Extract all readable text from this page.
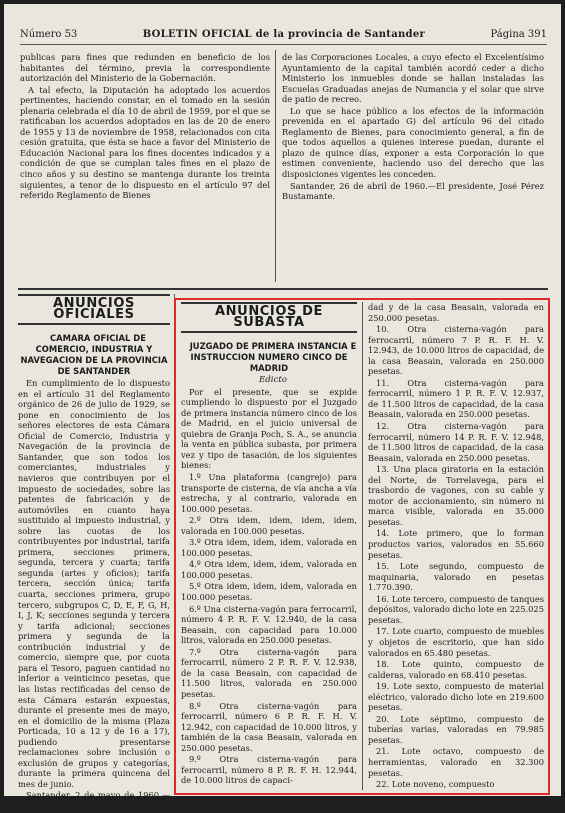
Número 53	BOLETIN OFICIAL de la provincia de Santander	Página 391

publicas para fines que redunden en beneficio de los habitantes del término, previa la correspondiente autorización del Ministerio de la Gobernación.

A tal efecto, la Diputación ha adoptado los acuerdos pertinentes, haciendo constar, en el tomado en la sesión plenaria celebrada el día 10 de abril de 1959, por el que se ratificaban los acuerdos adoptados en las de 20 de enero de 1955 y 13 de noviembre de 1958, relacionados con cita cesión gratuita, que ésta se hace a favor del Ministerio de Educación Nacional para los fines docentes indicados y a condición de que se cumplan tales fines en el plazo de cinco años y su destino se mantenga durante los treinta siguientes, a tenor de lo dispuesto en el artículo 97 del referido Reglamento de Bienes

de las Corporaciones Locales, a cuyo efecto el Excelentísimo Ayuntamiento de la capital también acordó ceder a dicho Ministerio los inmuebles donde se hallan instaladas las Escuelas Graduadas anejas de Numancia y el solar que sirve de patio de recreo.

Lo que se hace público a los efectos de la información prevenida en el apartado G) del artículo 96 del citado Reglamento de Bienes, para conocimiento general, a fin de que todos aquellos a quienes interese puedan, durante el plazo de quince días, exponer a esta Corporación lo que estimen conveniente, haciendo uso del derecho que las disposiciones vigentes les conceden.

Santander, 26 de abril de 1960.—El presidente, José Pérez Bustamante.

ANUNCIOS OFICIALES

CAMARA OFICIAL DE COMERCIO, INDUSTRIA Y NAVEGACION DE LA PROVINCIA DE SANTANDER

En cumplimiento de lo dispuesto en el artículo 31 del Reglamento orgánico de 26 de julio de 1929, se pone en conocimiento de los señores electores de esta Cámara Oficial de Comercio, Industria y Navegación de la provincia de Santander, que son todos los comerciantes, industriales y navieros que contribuyen por el impuesto de sociedades, sobre las patentes de fabricación y de automóviles en cuanto haya sustituido al impuesto industrial, y sobre las cuotas de los contribuyentes por industrial, tarifa primera, secciones primera, segunda, tercera y cuarta; tarifa segunda (artes y oficios); tarifa tercera, sección única; tarifa cuarta, secciones primera, grupo tercero, subgrupos C, D, E, F, G, H, I, J, K; secciones segunda y tercera y tarifa adicional; secciones primera y segunda de la contribución industrial y de comercio, siempre que, por cuota para el Tesoro, paguen cantidad no inferior a veinticinco pesetas, que las listas rectificadas del censo de esta Cámara estarán expuestas, durante el presente mes de mayo, en el domicilio de la misma (Plaza Porticada, 10 a 12 y de 16 a 17), pudiendo presentarse reclamaciones sobre inclusión o exclusión de grupos y categorías, durante la primera quincena del mes de junio.

Santander, 2 de mayo de 1960.—El secretario general.

ANUNCIOS DE SUBASTA

JUZGADO DE PRIMERA INSTANCIA E INSTRUCCION NUMERO CINCO DE MADRID

Edicto

Por el presente, que se expide cumpliendo lo dispuesto por el Juzgado de primera instancia número cinco de los de Madrid, en el juicio universal de quiebra de Granja Poch, S. A., se anuncia la venta en pública subasta, por primera vez y tipo de tasación, de los siguientes bienes:

1.º Una plataforma (cangrejo) para transporte de cisterna, de vía ancha a vía estrecha, y al contrario, valorada en 100.000 pesetas.

2.º Otra idem, idem, idem, idem, valorada en 100.000 pesetas.

3.º Otra idem, idem, idem, valorada en 100.000 pesetas.

4.º Otra idem, idem, idem, valorada en 100.000 pesetas.

5.º Otra idem, idem, idem, valorada en 100.000 pesetas.

6.º Una cisterna-vagón para ferrocarril, número 4 P. R. F. V. 12.940, de la casa Beasain, con capacidad para 10.000 litros, valorada en 250.000 pesetas.

7.º Otra cisterna-vagón para ferrocarril, número 2 P. R. F. V. 12.938, de la casa Beasain, con capacidad de 11.500 litros, valorada en 250.000 pesetas.

8.º Otra cisterna-vagón para ferrocarril, número 6 P. R. F. H. V. 12.942, con capacidad de 10.000 litros, y también de la casa Beasain, valorada en 250.000 pesetas.

9.º Otra cisterna-vagón para ferrocarril, número 8 P. R. F. H. 12.944, de 10.000 litros de capaci-

dad y de la casa Beasain, valorada en 250.000 pesetas.

10. Otra cisterna-vagón para ferrocarril, número 7 P. R. F. H. V. 12.943, de 10.000 litros de capacidad, de la casa Beasain, valorada en 250.000 pesetas.

11. Otra cisterna-vagón para ferrocarril, número 1 P. R. F. V. 12.937, de 11.500 litros de capacidad, de la casa Beasain, valorada en 250.000 pesetas.

12. Otra cisterna-vagón para ferrocarril, número 14 P. R. F. V. 12.948, de 11.500 litros de capacidad, de la casa Beasain, valorada en 250.000 pesetas.

13. Una placa giratoria en la estación del Norte, de Torrelavega, para el trasbordo de vagones, con su cable y motor de accionamiento, sin número ni marca visible, valorada en 35.000 pesetas.

14. Lote primero, que lo forman productos varios, valorados en 55.660 pesetas.

15. Lote segundo, compuesto de maquinaria, valorado en pesetas 1.770.390.

16. Lote tercero, compuesto de tanques depósitos, valorado dicho lote en 225.025 pesetas.

17. Lote cuarto, compuesto de muebles y objetos de escritorio, que han sido valorados en 65.480 pesetas.

18. Lote quinto, compuesto de calderas, valorado en 68.410 pesetas.

19. Lote sexto, compuesto de material eléctrico, valorado dicho lote en 219.600 pesetas.

20. Lote séptimo, compuesto de tuberías varias, valoradas en 79.985 pesetas.

21. Lote octavo, compuesto de herramientas, valorado en 32.300 pesetas.

22. Lote noveno, compuesto
